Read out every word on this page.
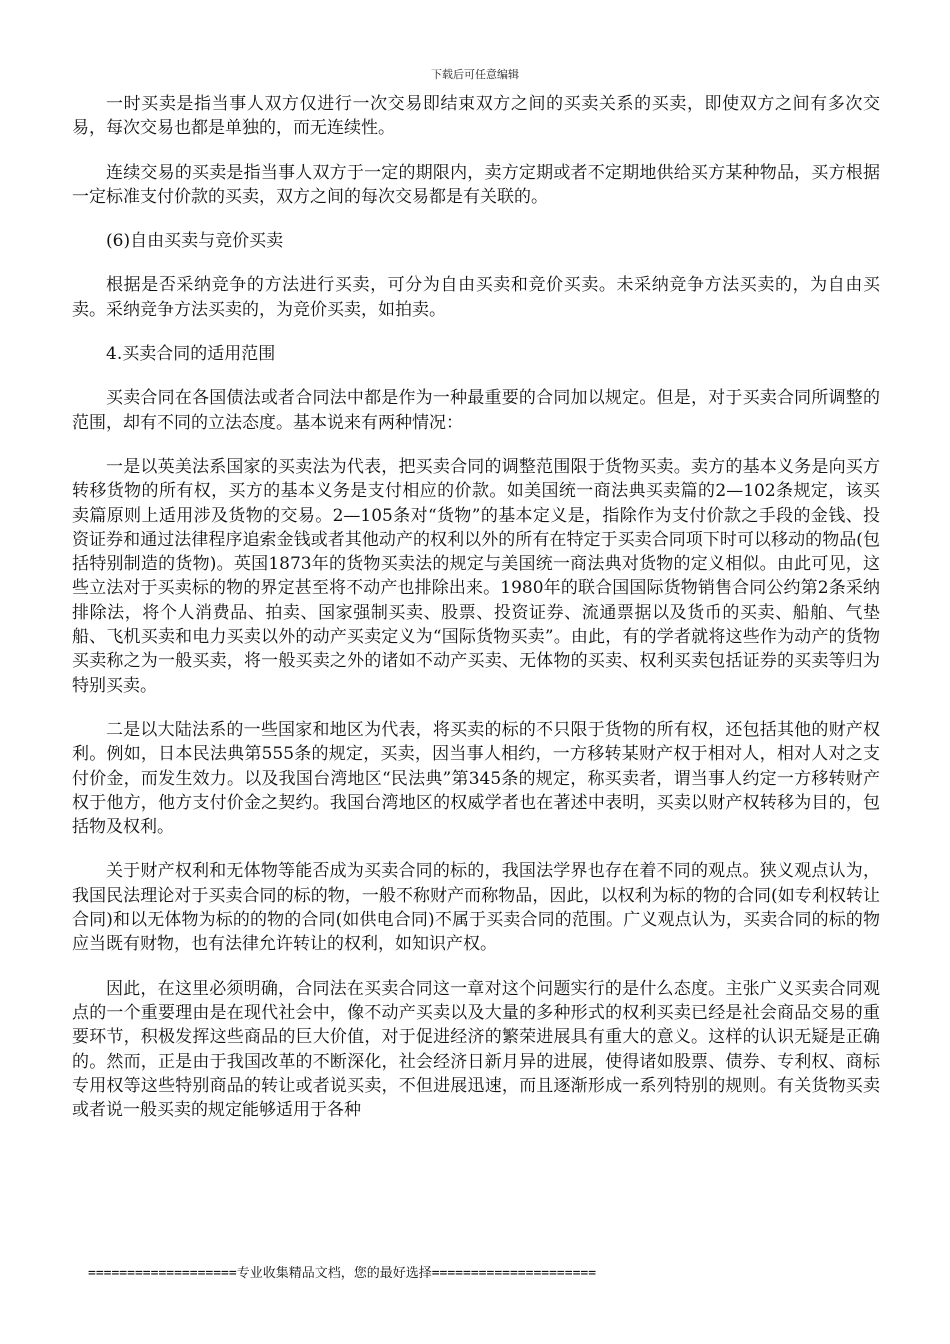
下载后可任意编辑

一时买卖是指当事人双方仅进行一次交易即结束双方之间的买卖关系的买卖，即使双方之间有多次交易，每次交易也都是单独的，而无连续性。

连续交易的买卖是指当事人双方于一定的期限内，卖方定期或者不定期地供给买方某种物品，买方根据一定标准支付价款的买卖，双方之间的每次交易都是有关联的。

(6)自由买卖与竞价买卖

根据是否采纳竞争的方法进行买卖，可分为自由买卖和竞价买卖。未采纳竞争方法买卖的，为自由买卖。采纳竞争方法买卖的，为竞价买卖，如拍卖。

4.买卖合同的适用范围

买卖合同在各国债法或者合同法中都是作为一种最重要的合同加以规定。但是，对于买卖合同所调整的范围，却有不同的立法态度。基本说来有两种情况：

一是以英美法系国家的买卖法为代表，把买卖合同的调整范围限于货物买卖。卖方的基本义务是向买方转移货物的所有权，买方的基本义务是支付相应的价款。如美国统一商法典买卖篇的2—102条规定，该买卖篇原则上适用涉及货物的交易。2—105条对“货物”的基本定义是，指除作为支付价款之手段的金钱、投资证券和通过法律程序追索金钱或者其他动产的权利以外的所有在特定于买卖合同项下时可以移动的物品(包括特别制造的货物)。英国1873年的货物买卖法的规定与美国统一商法典对货物的定义相似。由此可见，这些立法对于买卖标的物的界定甚至将不动产也排除出来。1980年的联合国国际货物销售合同公约第2条采纳排除法，将个人消费品、拍卖、国家强制买卖、股票、投资证券、流通票据以及货币的买卖、船舶、气垫船、飞机买卖和电力买卖以外的动产买卖定义为“国际货物买卖”。由此，有的学者就将这些作为动产的货物买卖称之为一般买卖，将一般买卖之外的诸如不动产买卖、无体物的买卖、权利买卖包括证券的买卖等归为特别买卖。

二是以大陆法系的一些国家和地区为代表，将买卖的标的不只限于货物的所有权，还包括其他的财产权利。例如，日本民法典第555条的规定，买卖，因当事人相约，一方移转某财产权于相对人，相对人对之支付价金，而发生效力。以及我国台湾地区“民法典”第345条的规定，称买卖者，谓当事人约定一方移转财产权于他方，他方支付价金之契约。我国台湾地区的权威学者也在著述中表明，买卖以财产权转移为目的，包括物及权利。

关于财产权利和无体物等能否成为买卖合同的标的，我国法学界也存在着不同的观点。狭义观点认为，我国民法理论对于买卖合同的标的物，一般不称财产而称物品，因此，以权利为标的物的合同(如专利权转让合同)和以无体物为标的的物的合同(如供电合同)不属于买卖合同的范围。广义观点认为，买卖合同的标的物应当既有财物，也有法律允许转让的权利，如知识产权。

因此，在这里必须明确，合同法在买卖合同这一章对这个问题实行的是什么态度。主张广义买卖合同观点的一个重要理由是在现代社会中，像不动产买卖以及大量的多种形式的权利买卖已经是社会商品交易的重要环节，积极发挥这些商品的巨大价值，对于促进经济的繁荣进展具有重大的意义。这样的认识无疑是正确的。然而，正是由于我国改革的不断深化，社会经济日新月异的进展，使得诸如股票、债券、专利权、商标专用权等这些特别商品的转让或者说买卖，不但进展迅速，而且逐渐形成一系列特别的规则。有关货物买卖或者说一般买卖的规定能够适用于各种

===================专业收集精品文档，您的最好选择=====================
